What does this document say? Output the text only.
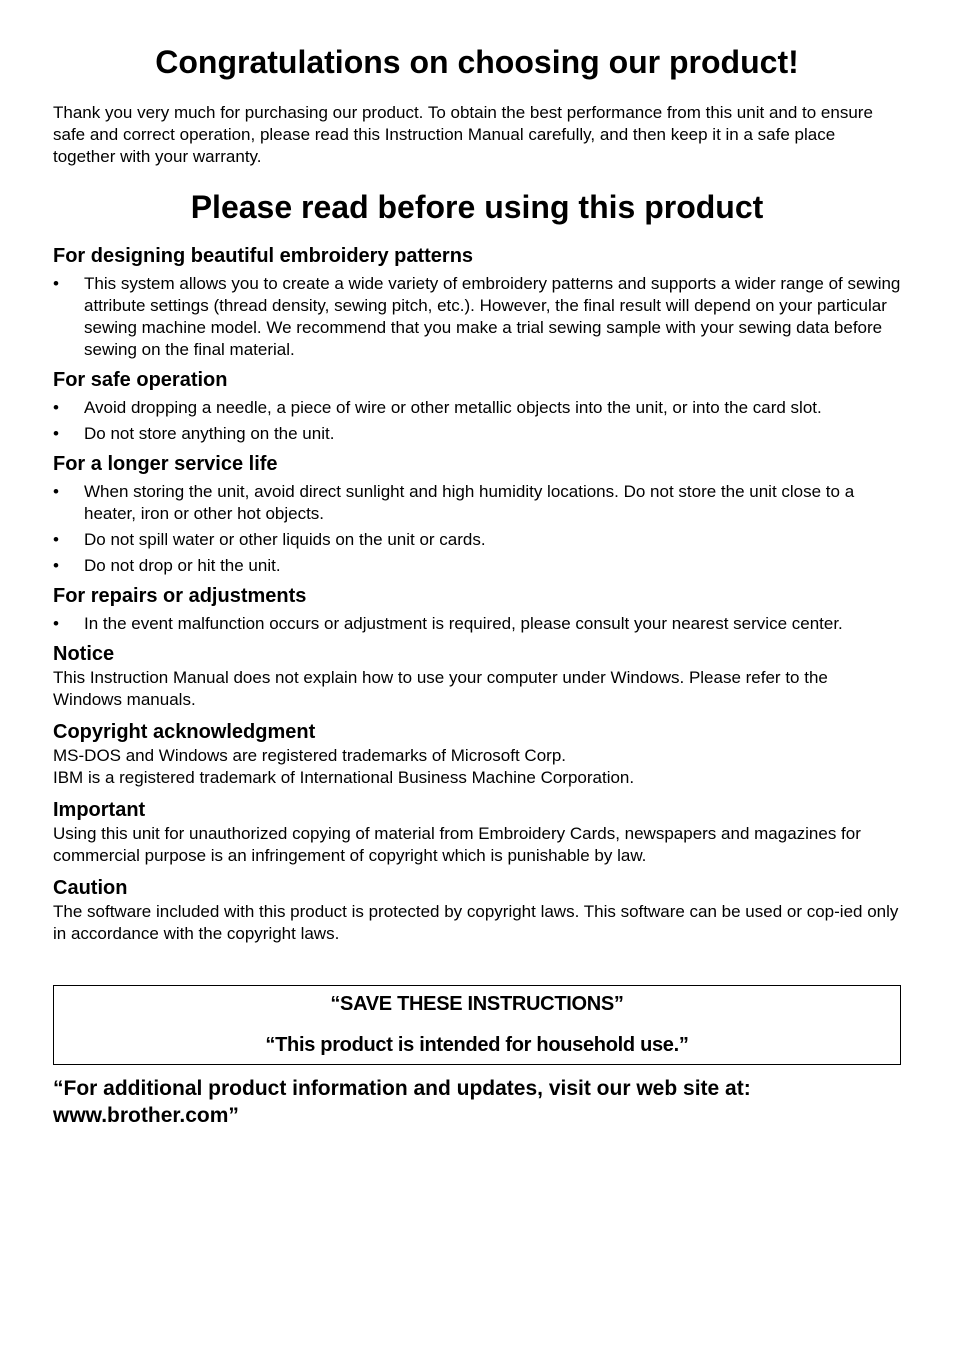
Congratulations on choosing our product!

Thank you very much for purchasing our product. To obtain the best performance from this unit and to ensure safe and correct operation, please read this Instruction Manual carefully, and then keep it in a safe place together with your warranty.

Please read before using this product
For designing beautiful embroidery patterns
• This system allows you to create a wide variety of embroidery patterns and supports a wider range of sewing attribute settings (thread density, sewing pitch, etc.). However, the final result will depend on your particular sewing machine model. We recommend that you make a trial sewing sample with your sewing data before sewing on the final material.
For safe operation
• Avoid dropping a needle, a piece of wire or other metallic objects into the unit, or into the card slot.
• Do not store anything on the unit.
For a longer service life
• When storing the unit, avoid direct sunlight and high humidity locations. Do not store the unit close to a heater, iron or other hot objects.
• Do not spill water or other liquids on the unit or cards.
• Do not drop or hit the unit.
For repairs or adjustments
• In the event malfunction occurs or adjustment is required, please consult your nearest service center.
Notice

This Instruction Manual does not explain how to use your computer under Windows. Please refer to the Windows manuals.

Copyright acknowledgment

MS-DOS and Windows are registered trademarks of Microsoft Corp.

IBM is a registered trademark of International Business Machine Corporation.

Important

Using this unit for unauthorized copying of material from Embroidery Cards, newspapers and magazines for commercial purpose is an infringement of copyright which is punishable by law.

Caution

The software included with this product is protected by copyright laws. This software can be used or cop-ied only in accordance with the copyright laws.

“SAVE THESE INSTRUCTIONS”
“This product is intended for household use.”
“For additional product information and updates, visit our web site at:
www.brother.com”
